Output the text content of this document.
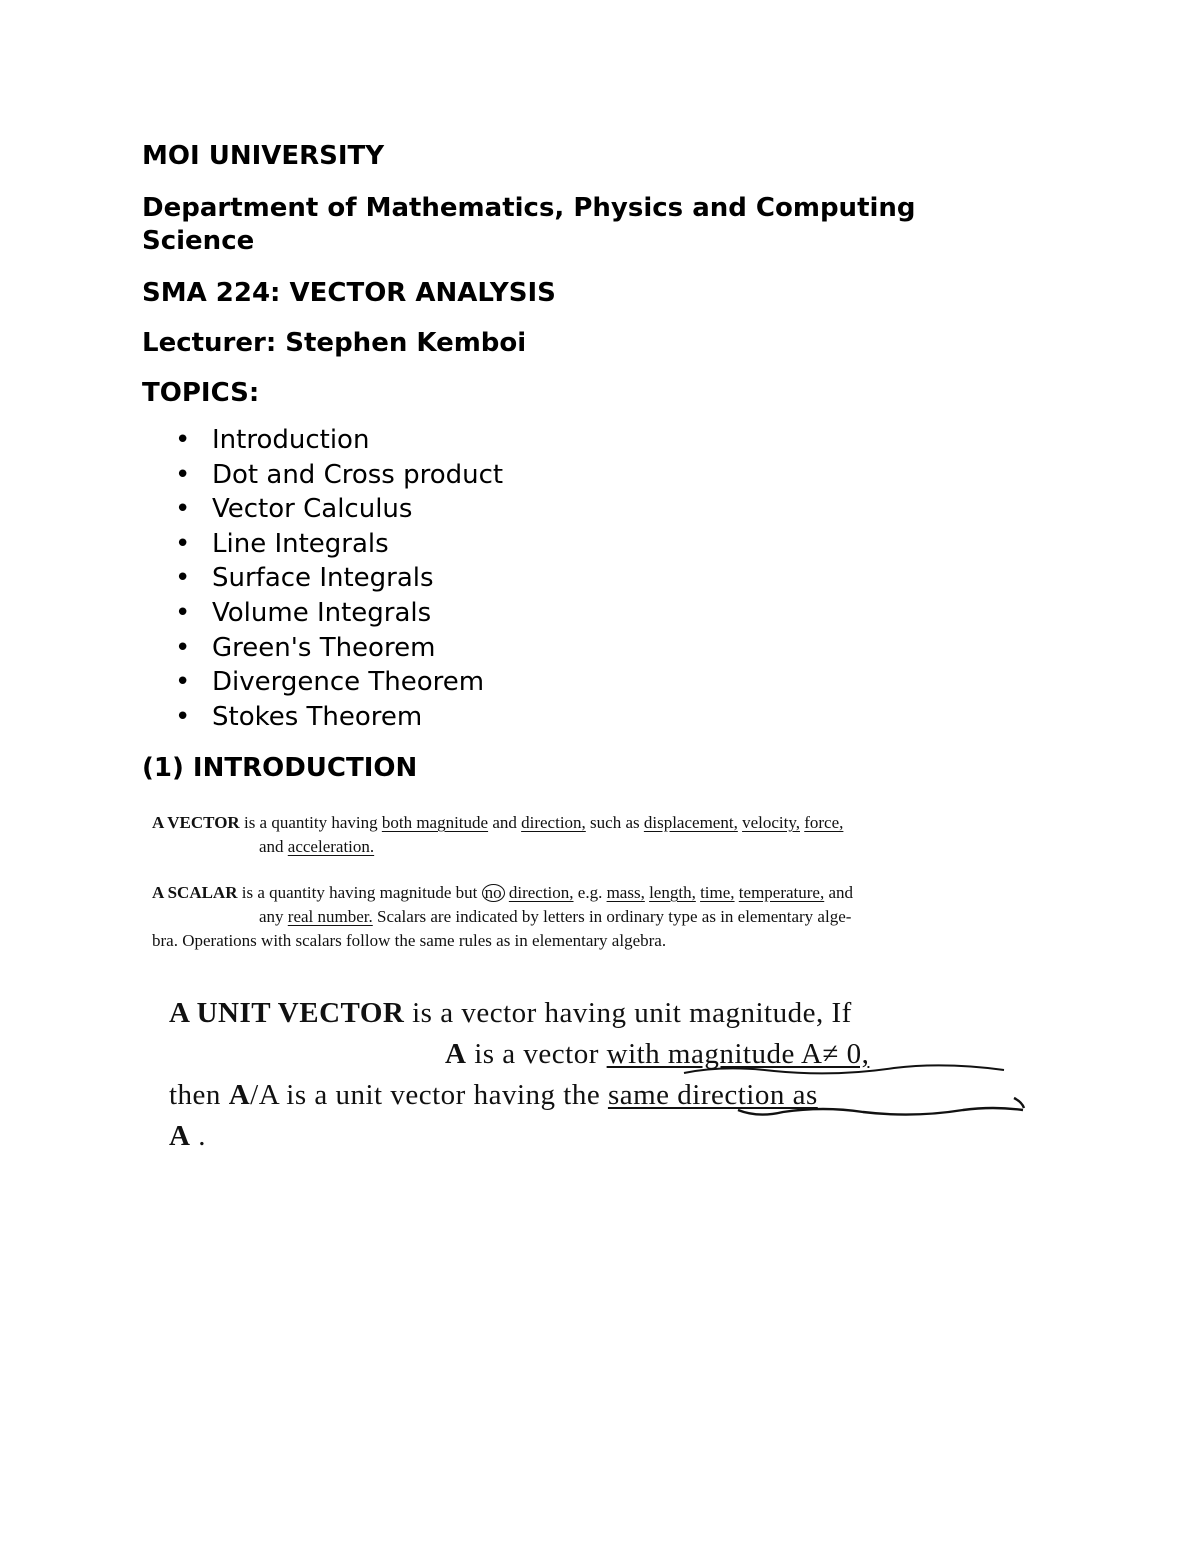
MOI UNIVERSITY

Department of Mathematics, Physics and Computing Science

SMA 224: VECTOR ANALYSIS

Lecturer: Stephen Kemboi

TOPICS:

• Introduction
• Dot and Cross product
• Vector Calculus
• Line Integrals
• Surface Integrals
• Volume Integrals
• Green's Theorem
• Divergence Theorem
• Stokes Theorem

(1) INTRODUCTION

A VECTOR is a quantity having both magnitude and direction, such as displacement, velocity, force,
and acceleration.
A SCALAR is a quantity having magnitude but no direction, e.g. mass, length, time, temperature, and
any real number. Scalars are indicated by letters in ordinary type as in elementary alge-
bra. Operations with scalars follow the same rules as in elementary algebra.
A UNIT VECTOR is a vector having unit magnitude, If
A is a vector with magnitude A≠ 0,
then A/A is a unit vector having the same direction as
A .
